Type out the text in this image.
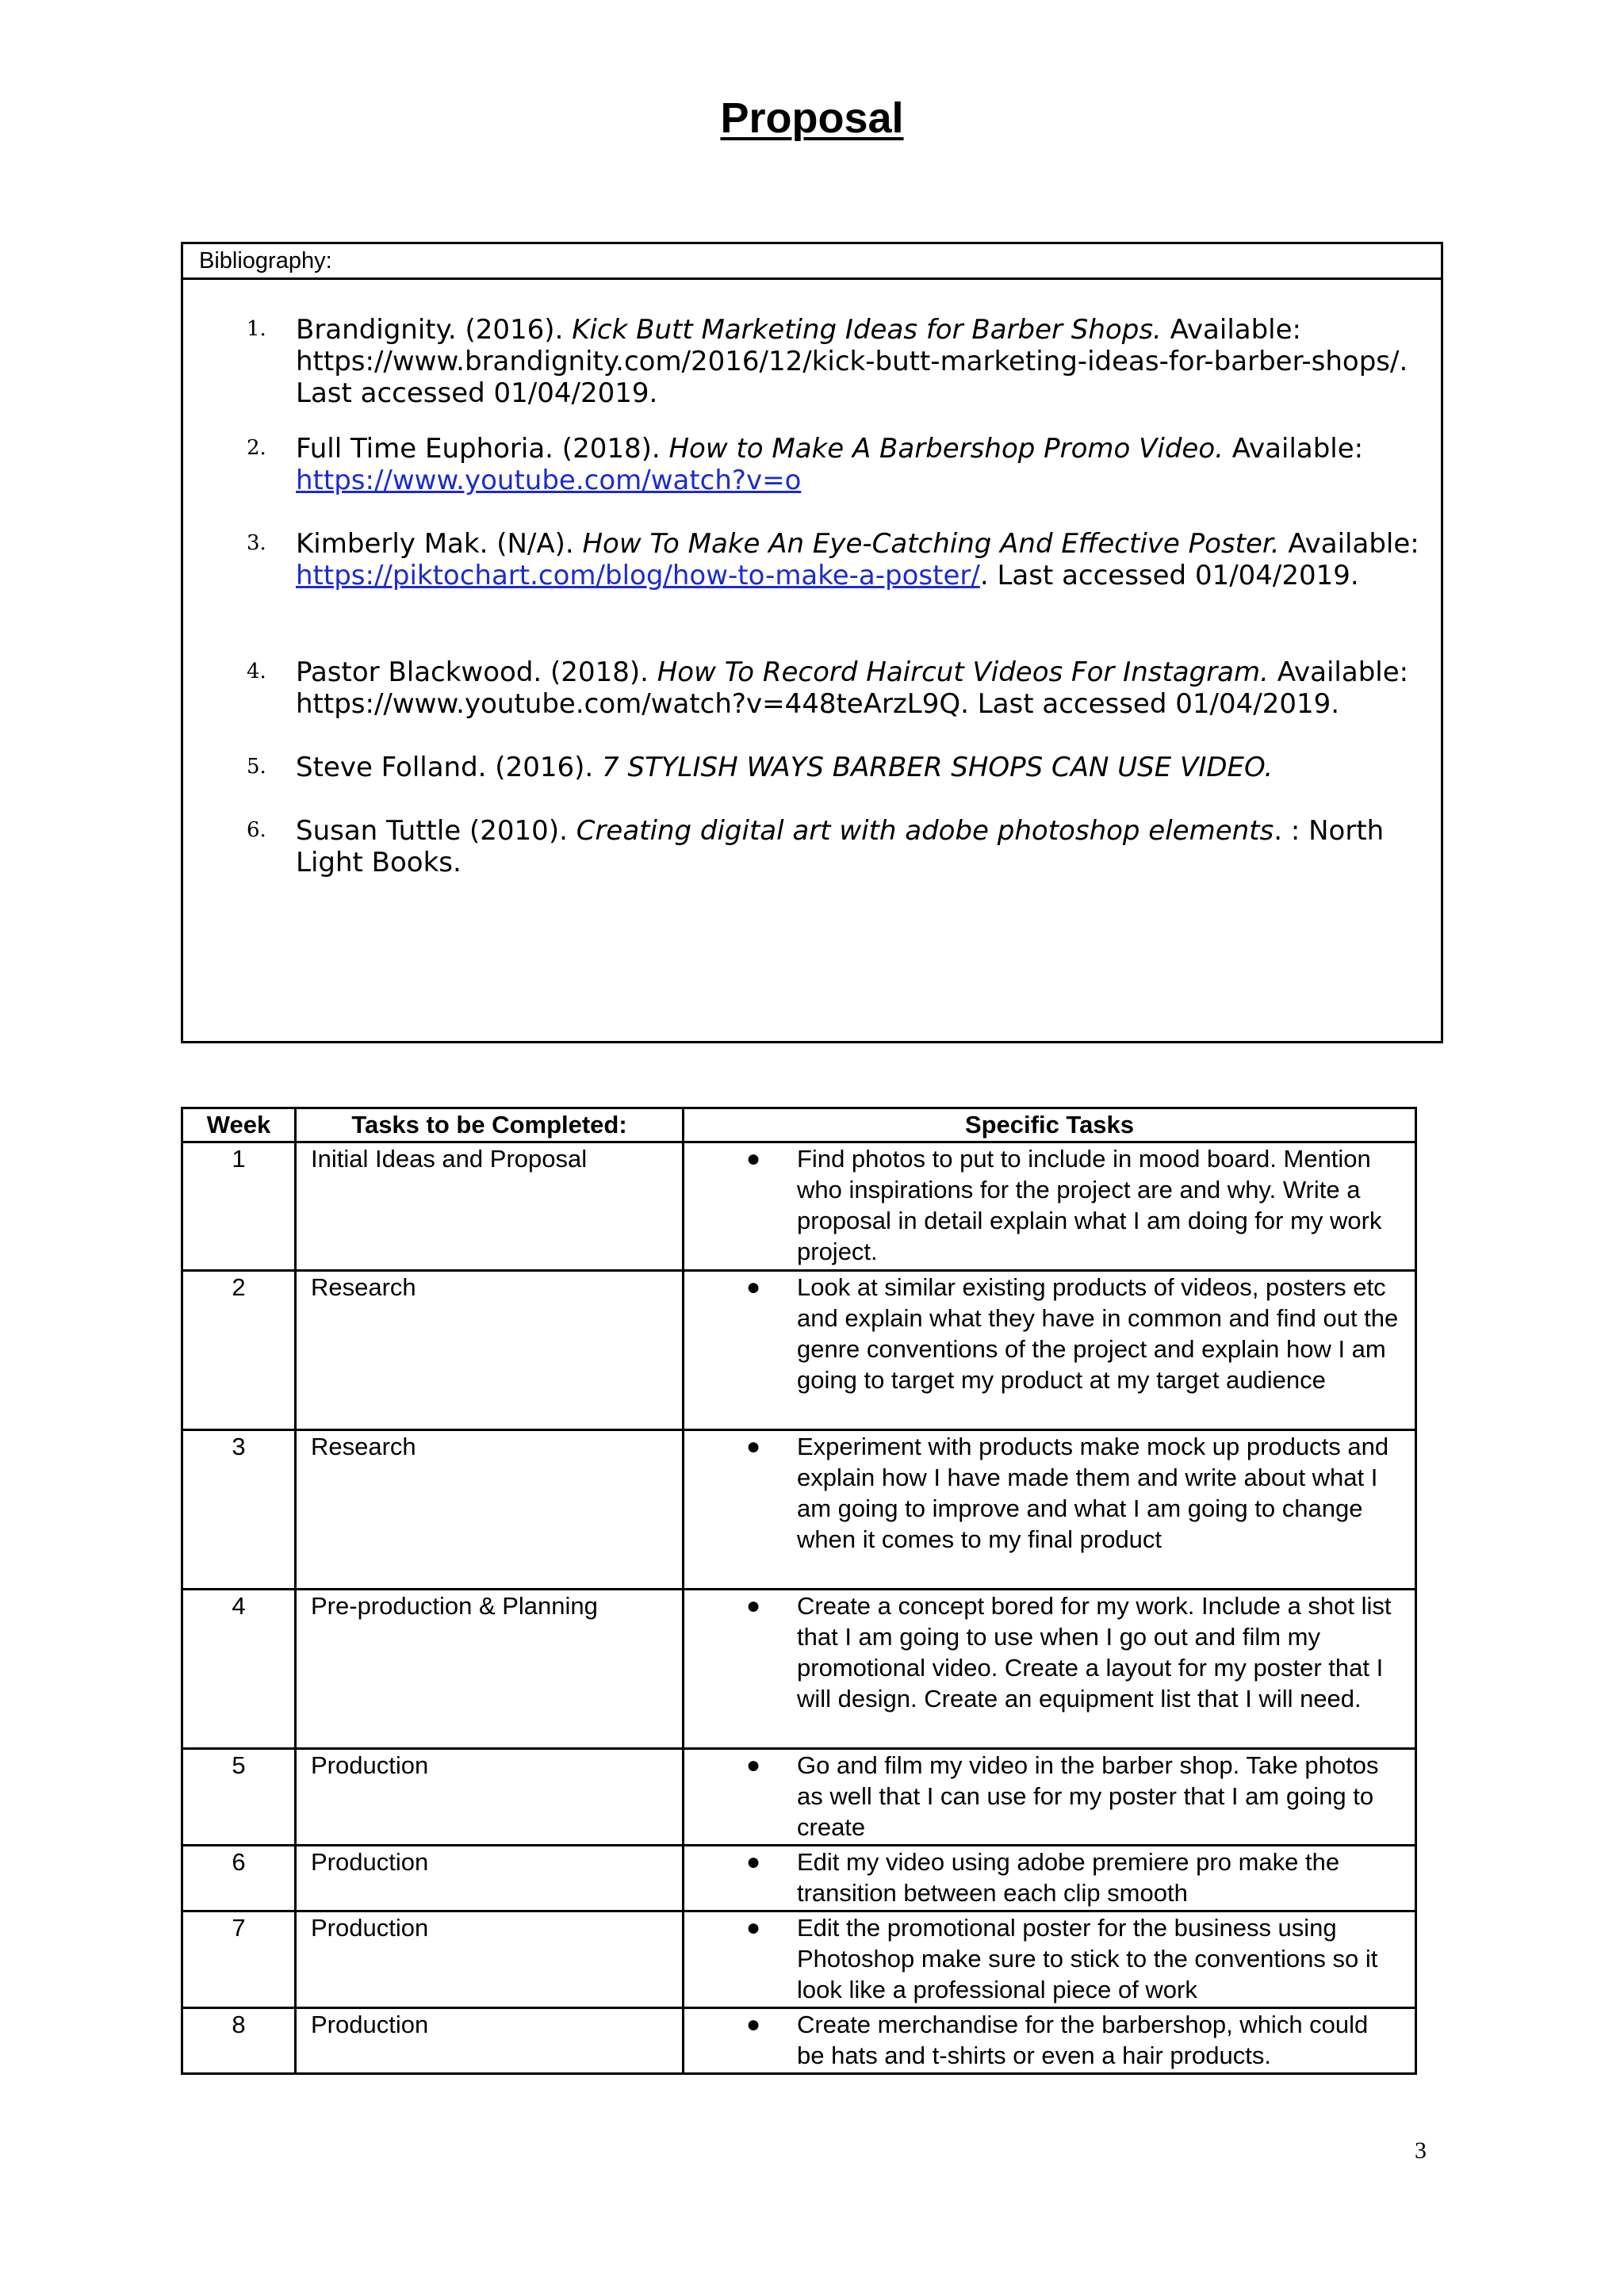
Proposal
Bibliography:
1. Brandignity. (2016). Kick Butt Marketing Ideas for Barber Shops. Available: https://www.brandignity.com/2016/12/kick-butt-marketing-ideas-for-barber-shops/. Last accessed 01/04/2019.
2. Full Time Euphoria. (2018). How to Make A Barbershop Promo Video. Available: https://www.youtube.com/watch?v=o
3. Kimberly Mak. (N/A). How To Make An Eye-Catching And Effective Poster. Available: https://piktochart.com/blog/how-to-make-a-poster/. Last accessed 01/04/2019.
4. Pastor Blackwood. (2018). How To Record Haircut Videos For Instagram. Available: https://www.youtube.com/watch?v=448teArzL9Q. Last accessed 01/04/2019.
5. Steve Folland. (2016). 7 STYLISH WAYS BARBER SHOPS CAN USE VIDEO.
6. Susan Tuttle (2010). Creating digital art with adobe photoshop elements. : North Light Books.
Week	Tasks to be Completed:	Specific Tasks
1	Initial Ideas and Proposal	● Find photos to put to include in mood board. Mention who inspirations for the project are and why. Write a proposal in detail explain what I am doing for my work project.
2	Research	● Look at similar existing products of videos, posters etc and explain what they have in common and find out the genre conventions of the project and explain how I am going to target my product at my target audience
3	Research	● Experiment with products make mock up products and explain how I have made them and write about what I am going to improve and what I am going to change when it comes to my final product
4	Pre-production & Planning	● Create a concept bored for my work. Include a shot list that I am going to use when I go out and film my promotional video. Create a layout for my poster that I will design. Create an equipment list that I will need.
5	Production	● Go and film my video in the barber shop. Take photos as well that I can use for my poster that I am going to create
6	Production	● Edit my video using adobe premiere pro make the transition between each clip smooth
7	Production	● Edit the promotional poster for the business using Photoshop make sure to stick to the conventions so it look like a professional piece of work
8	Production	● Create merchandise for the barbershop, which could be hats and t-shirts or even a hair products.
3
